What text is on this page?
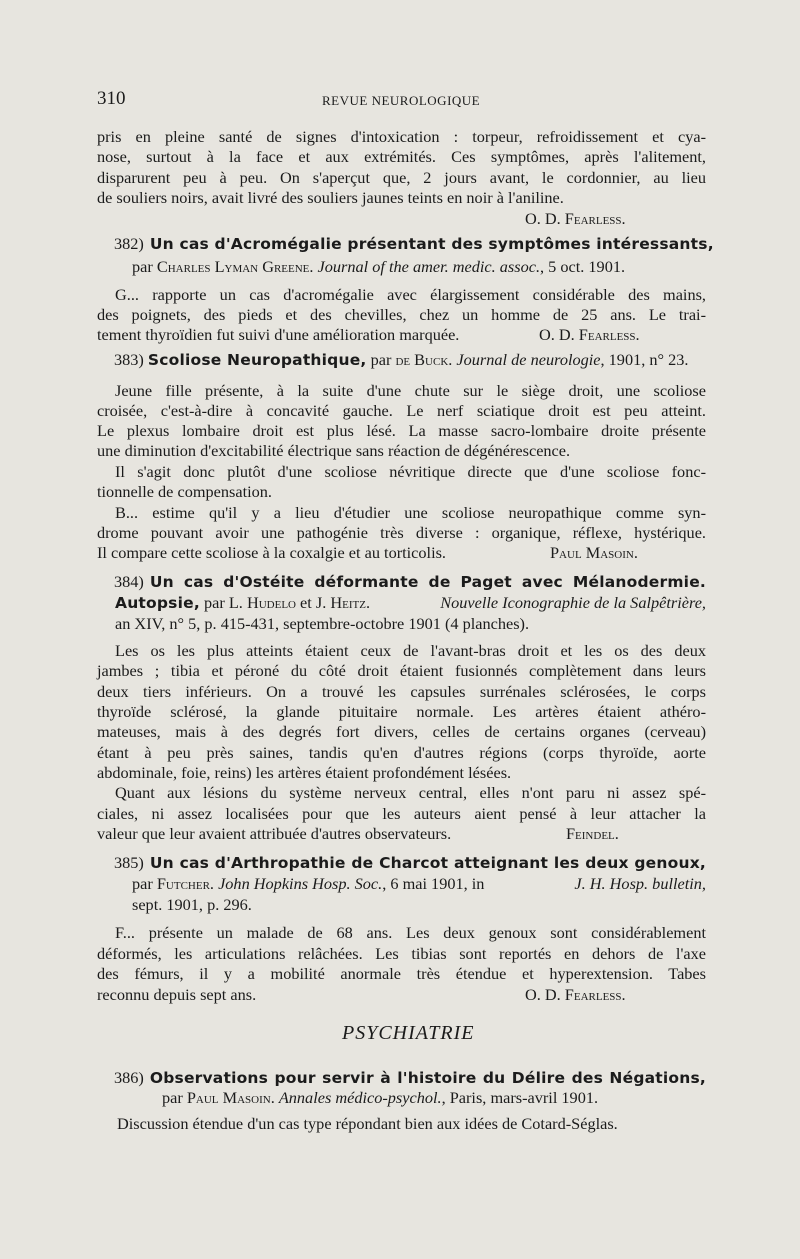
310	REVUE NEUROLOGIQUE
pris en pleine santé de signes d'intoxication : torpeur, refroidissement et cya-
nose, surtout à la face et aux extrémités. Ces symptômes, après l'alitement,
disparurent peu à peu. On s'aperçut que, 2 jours avant, le cordonnier, au lieu
de souliers noirs, avait livré des souliers jaunes teints en noir à l'aniline.
O. D. Fearless.
382) Un cas d'Acromégalie présentant des symptômes intéressants,
par Charles Lyman Greene. Journal of the amer. medic. assoc., 5 oct. 1901.
G... rapporte un cas d'acromégalie avec élargissement considérable des mains,
des poignets, des pieds et des chevilles, chez un homme de 25 ans. Le trai-
tement thyroïdien fut suivi d'une amélioration marquée.	O. D. Fearless.
383) Scoliose Neuropathique, par de Buck. Journal de neurologie, 1901, n° 23.
Jeune fille présente, à la suite d'une chute sur le siège droit, une scoliose
croisée, c'est-à-dire à concavité gauche. Le nerf sciatique droit est peu atteint.
Le plexus lombaire droit est plus lésé. La masse sacro-lombaire droite présente
une diminution d'excitabilité électrique sans réaction de dégénérescence.
Il s'agit donc plutôt d'une scoliose névritique directe que d'une scoliose fonc-
tionnelle de compensation.
B... estime qu'il y a lieu d'étudier une scoliose neuropathique comme syn-
drome pouvant avoir une pathogénie très diverse : organique, réflexe, hystérique.
Il compare cette scoliose à la coxalgie et au torticolis.	Paul Masoin.
384) Un cas d'Ostéite déformante de Paget avec Mélanodermie.
Autopsie, par L. Hudelo et J. Heitz .	Nouvelle Iconographie de la Salpêtrière,
an XIV, n° 5, p. 415-431, septembre-octobre 1901 (4 planches).
Les os les plus atteints étaient ceux de l'avant-bras droit et les os des deux
jambes ; tibia et péroné du côté droit étaient fusionnés complètement dans leurs
deux tiers inférieurs. On a trouvé les capsules surrénales sclérosées, le corps
thyroïde sclérosé, la glande pituitaire normale. Les artères étaient athéro-
mateuses, mais à des degrés fort divers, celles de certains organes (cerveau)
étant à peu près saines, tandis qu'en d'autres régions (corps thyroïde, aorte
abdominale, foie, reins) les artères étaient profondément lésées.
Quant aux lésions du système nerveux central, elles n'ont paru ni assez spé-
ciales, ni assez localisées pour que les auteurs aient pensé à leur attacher la
valeur que leur avaient attribuée d'autres observateurs.	Feindel.
385) Un cas d'Arthropathie de Charcot atteignant les deux genoux,
par Futcher . John Hopkins Hosp. Soc. , 6 mai 1901, in	J. H. Hosp. bulletin,
sept. 1901, p. 296.
F... présente un malade de 68 ans. Les deux genoux sont considérablement
déformés, les articulations relâchées. Les tibias sont reportés en dehors de l'axe
des fémurs, il y a mobilité anormale très étendue et hyperextension. Tabes
reconnu depuis sept ans.	O. D. Fearless.
PSYCHIATRIE
386) Observations pour servir à l'histoire du Délire des Négations,
par Paul Masoin. Annales médico-psychol., Paris, mars-avril 1901.
Discussion étendue d'un cas type répondant bien aux idées de Cotard-Séglas.
